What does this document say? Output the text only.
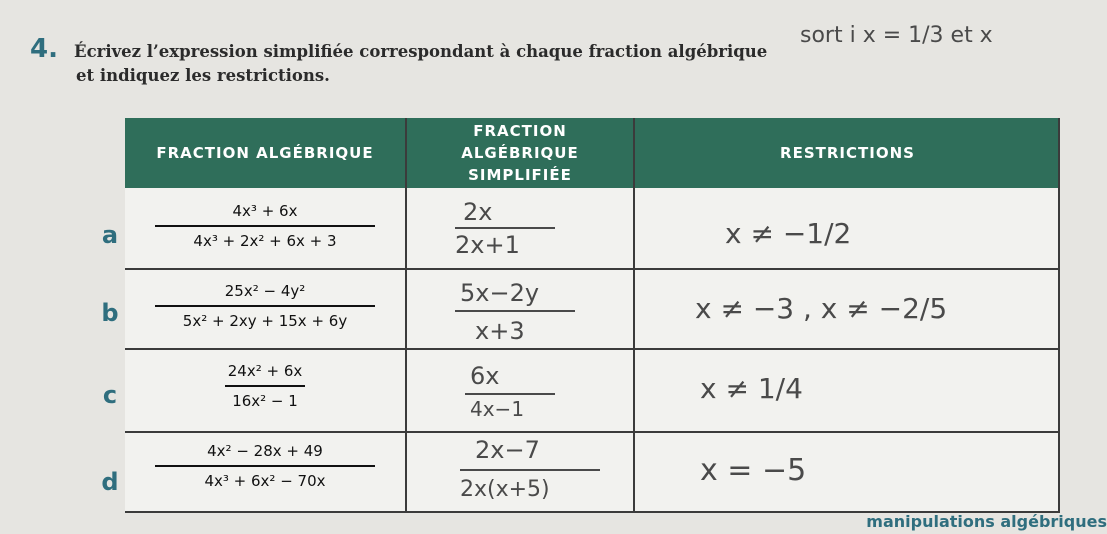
4. Écrivez l’expression simplifiée correspondant à chaque fraction algébrique
et indiquez les restrictions.
sort i x = 1/3 et x
a
b
c
d
FRACTION ALGÉBRIQUE
FRACTION ALGÉBRIQUE SIMPLIFIÉE
RESTRICTIONS
4x³ + 6x
4x³ + 2x² + 6x + 3
25x² − 4y²
5x² + 2xy + 15x + 6y
24x² + 6x
16x² − 1
4x² − 28x + 49
4x³ + 6x² − 70x
2x
2x+1
5x−2y
x+3
6x
4x−1
2x−7
2x(x+5)
x ≠ −1/2
x ≠ −3 , x ≠ −2/5
x ≠ 1/4
x = −5
manipulations algébriques
